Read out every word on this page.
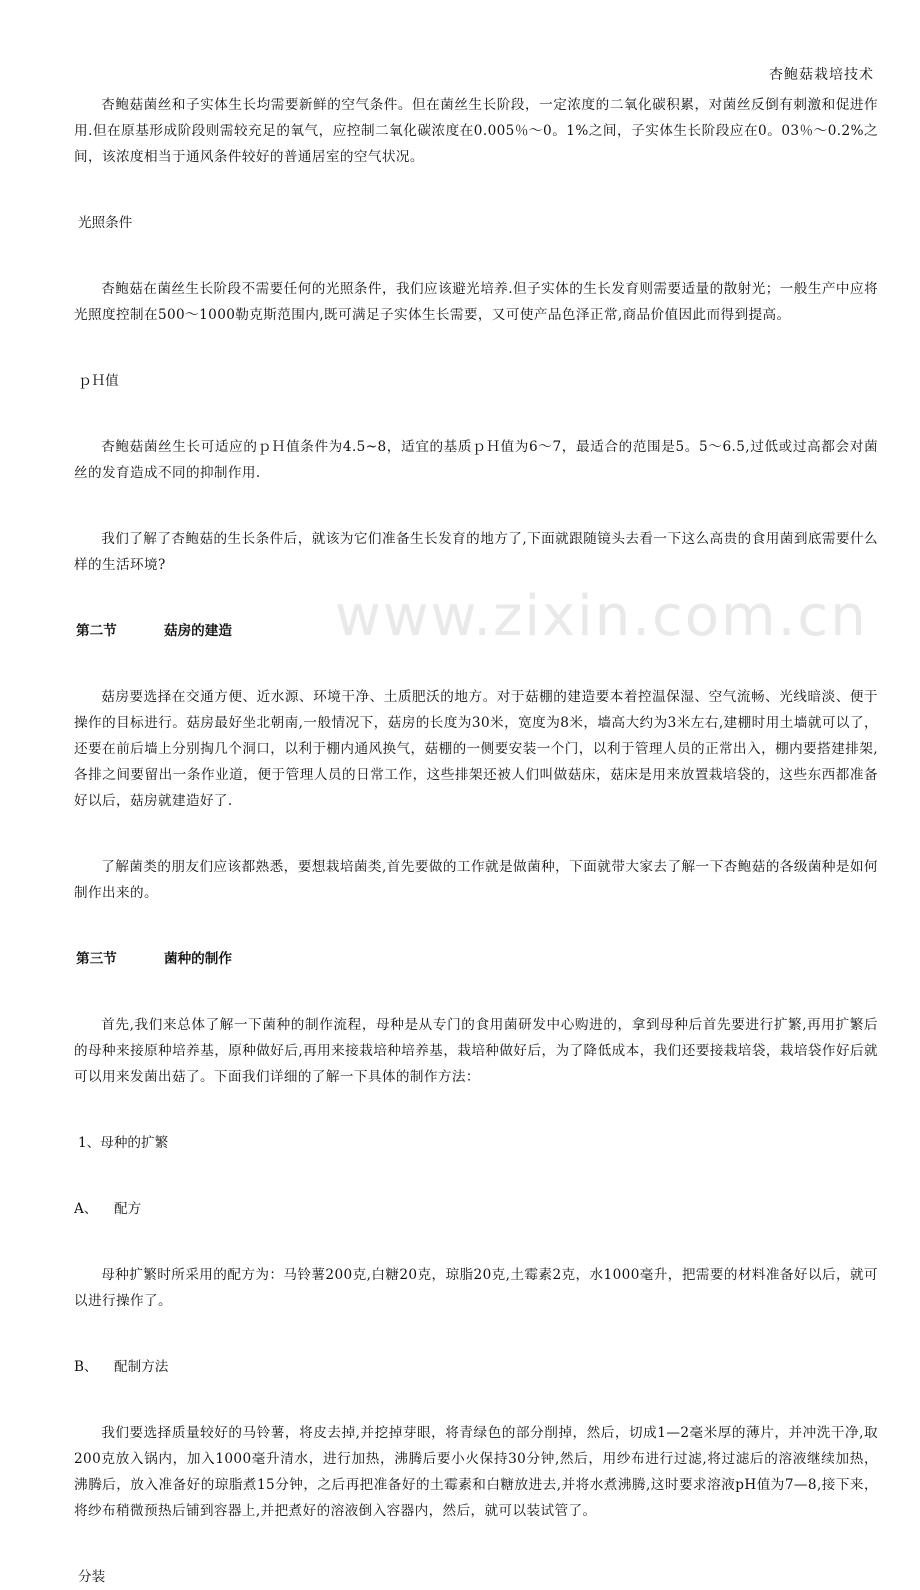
杏鲍菇栽培技术
www.zixin.com.cn

杏鲍菇菌丝和子实体生长均需要新鲜的空气条件。但在菌丝生长阶段，一定浓度的二氧化碳积累，对菌丝反倒有刺激和促进作用.但在原基形成阶段则需较充足的氧气，应控制二氧化碳浓度在0.005％～0。1%之间，子实体生长阶段应在0。03％～0.2%之间，该浓度相当于通风条件较好的普通居室的空气状况。

光照条件

杏鲍菇在菌丝生长阶段不需要任何的光照条件，我们应该避光培养.但子实体的生长发育则需要适量的散射光；一般生产中应将光照度控制在500～1000勒克斯范围内,既可满足子实体生长需要，又可使产品色泽正常,商品价值因此而得到提高。

ｐＨ值

杏鲍菇菌丝生长可适应的ｐＨ值条件为4.5~8，适宜的基质ｐＨ值为6～7，最适合的范围是5。5～6.5,过低或过高都会对菌丝的发育造成不同的抑制作用.

我们了解了杏鲍菇的生长条件后，就该为它们准备生长发育的地方了,下面就跟随镜头去看一下这么高贵的食用菌到底需要什么样的生活环境?

第二节	菇房的建造

菇房要选择在交通方便、近水源、环境干净、土质肥沃的地方。对于菇棚的建造要本着控温保湿、空气流畅、光线暗淡、便于操作的目标进行。菇房最好坐北朝南,一般情况下，菇房的长度为30米，宽度为8米，墙高大约为3米左右,建棚时用土墙就可以了，还要在前后墙上分别掏几个洞口，以利于棚内通风换气，菇棚的一侧要安装一个门，以利于管理人员的正常出入，棚内要搭建排架,各排之间要留出一条作业道，便于管理人员的日常工作，这些排架还被人们叫做菇床，菇床是用来放置栽培袋的，这些东西都准备好以后，菇房就建造好了.

了解菌类的朋友们应该都熟悉，要想栽培菌类,首先要做的工作就是做菌种，下面就带大家去了解一下杏鲍菇的各级菌种是如何制作出来的。

第三节	菌种的制作

首先,我们来总体了解一下菌种的制作流程，母种是从专门的食用菌研发中心购进的，拿到母种后首先要进行扩繁,再用扩繁后的母种来接原种培养基，原种做好后,再用来接栽培种培养基，栽培种做好后，为了降低成本，我们还要接栽培袋，栽培袋作好后就可以用来发菌出菇了。下面我们详细的了解一下具体的制作方法：

1、母种的扩繁

A、	配方

母种扩繁时所采用的配方为：马铃薯200克,白糖20克，琼脂20克,土霉素2克，水1000毫升，把需要的材料准备好以后，就可以进行操作了。

B、	配制方法

我们要选择质量较好的马铃薯，将皮去掉,并挖掉芽眼，将青绿色的部分削掉，然后，切成1—2毫米厚的薄片，并冲洗干净,取200克放入锅内，加入1000毫升清水，进行加热，沸腾后要小火保持30分钟,然后，用纱布进行过滤,将过滤后的溶液继续加热，沸腾后，放入准备好的琼脂煮15分钟，之后再把准备好的土霉素和白糖放进去,并将水煮沸腾,这时要求溶液pH值为7—8,接下来，将纱布稍微预热后铺到容器上,并把煮好的溶液倒入容器内，然后，就可以装试管了。

分装
